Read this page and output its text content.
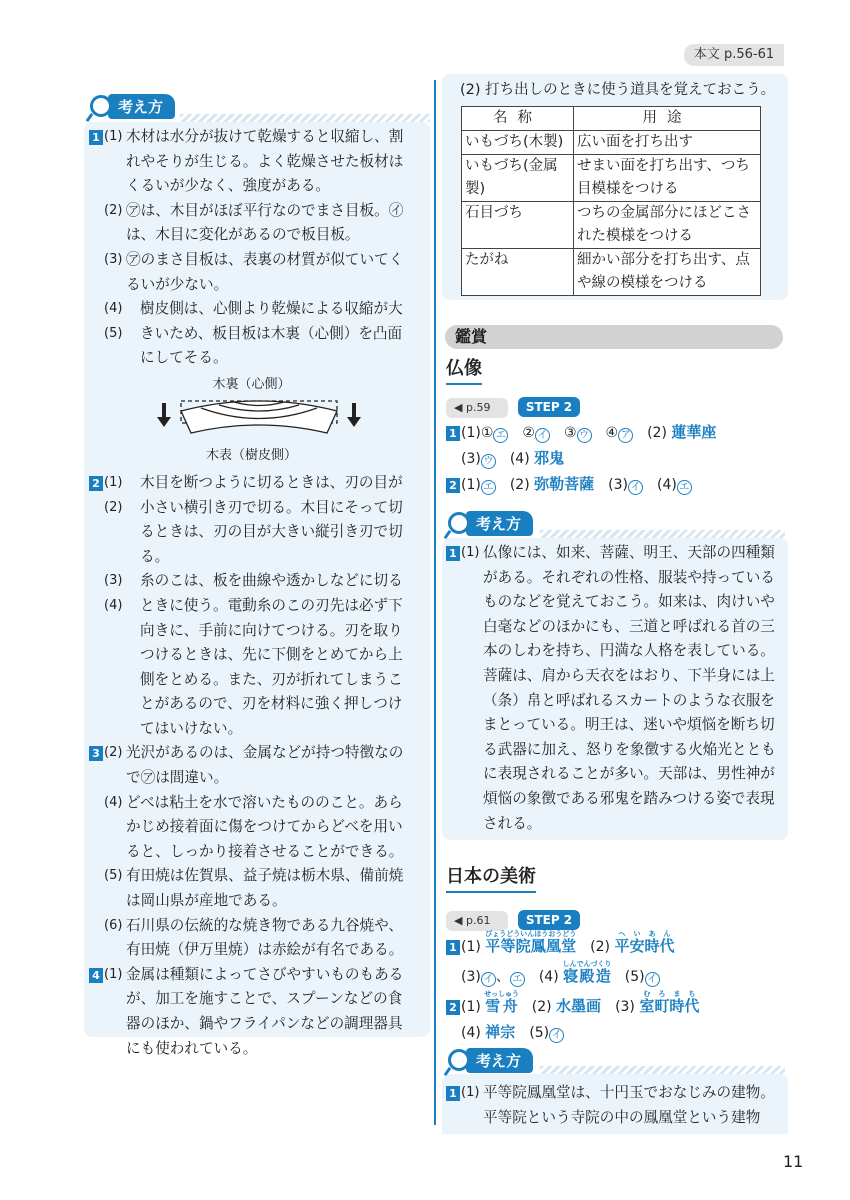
本文 p.56-61
考え方
1 (1) 木材は水分が抜けて乾燥すると収縮し、割れやそりが生じる。よく乾燥させた板材はくるいが少なく、強度がある。
(2) ㋐は、木目がほぼ平行なのでまさ目板。㋑は、木目に変化があるので板目板。
(3) ㋐のまさ目板は、表裏の材質が似ていてくるいが少ない。
(4)(5)
樹皮側は、心側より乾燥による収縮が大きいため、板目板は木裏（心側）を凸面にしてそる。
木裏（心側）
木表（樹皮側）
2 (1)(2)
木目を断つように切るときは、刃の目が小さい横引き刃で切る。木目にそって切るときは、刃の目が大きい縦引き刃で切る。
(3)(4)
糸のこは、板を曲線や透かしなどに切るときに使う。電動糸のこの刃先は必ず下向きに、手前に向けてつける。刃を取りつけるときは、先に下側をとめてから上側をとめる。また、刃が折れてしまうことがあるので、刃を材料に強く押しつけてはいけない。
3 (2) 光沢があるのは、金属などが持つ特徴なので㋐は間違い。
(4) どべは粘土を水で溶いたもののこと。あらかじめ接着面に傷をつけてからどべを用いると、しっかり接着させることができる。
(5) 有田焼は佐賀県、益子焼は栃木県、備前焼は岡山県が産地である。
(6) 石川県の伝統的な焼き物である九谷焼や、有田焼（伊万里焼）は赤絵が有名である。
4 (1) 金属は種類によってさびやすいものもあるが、加工を施すことで、スプーンなどの食器のほか、鍋やフライパンなどの調理器具にも使われている。
(2) 打ち出しのときに使う道具を覚えておこう。
名称	用途
いもづち(木製)	広い面を打ち出す
いもづち(金属製)	せまい面を打ち出す、つち目模様をつける
石目づち	つちの金属部分にほどこされた模様をつける
たがね	細かい部分を打ち出す、点や線の模様をつける
鑑賞
仏像
◀ p.59	STEP 2
1 (1)① エ　 ② イ　 ③ ウ　 ④ ア　 (2) 蓮華座
(3) ウ　 (4) 邪鬼
2 (1) エ　 (2) 弥勒菩薩　 (3) イ　 (4) エ
考え方
1 (1) 仏像には、如来、菩薩、明王、天部の四種類がある。それぞれの性格、服装や持っているものなどを覚えておこう。如来は、肉けいや白毫などのほかにも、三道と呼ばれる首の三本のしわを持ち、円満な人格を表している。菩薩は、肩から天衣をはおり、下半身には上（条）帛と呼ばれるスカートのような衣服をまとっている。明王は、迷いや煩悩を断ち切る武器に加え、怒りを象徴する火焔光とともに表現されることが多い。天部は、男性神が煩悩の象徴である邪鬼を踏みつける姿で表現される。
日本の美術
◀ p.61	STEP 2
1 (1) 平等院鳳凰堂びょうどういんほうおうどう　(2) 平安時代へいあん
(3) イ 、 エ　 (4) 寝殿造しんでんづくり　(5) イ
2 (1) 雪舟せっしゅう　(2) 水墨画　 (3) 室町時代むろまち
(4) 禅宗　 (5) イ
考え方
1 (1) 平等院鳳凰堂は、十円玉でおなじみの建物。平等院という寺院の中の鳳凰堂という建物
11
